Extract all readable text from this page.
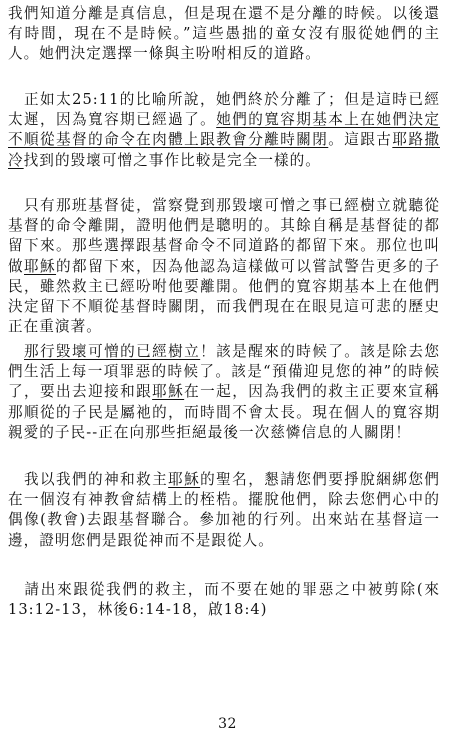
我們知道分離是真信息，但是現在還不是分離的時候。以後還有時間，現在不是時候。”這些愚拙的童女沒有服從她們的主人。她們決定選擇一條與主吩咐相反的道路。

　正如太25:11的比喻所說，她們終於分離了；但是這時已經太遲，因為寬容期已經過了。她們的寬容期基本上在她們決定不順從基督的命令在肉體上跟教會分離時關閉。這跟古耶路撒冷找到的毀壞可憎之事作比較是完全一樣的。

　只有那班基督徒，當察覺到那毀壞可憎之事已經樹立就聽從基督的命令離開，證明他們是聰明的。其餘自稱是基督徒的都留下來。那些選擇跟基督命令不同道路的都留下來。那位也叫做耶穌的都留下來，因為他認為這樣做可以嘗試警告更多的子民，雖然救主已經吩咐他要離開。他們的寬容期基本上在他們決定留下不順從基督時關閉，而我們現在在眼見這可悲的歷史正在重演著。

　那行毀壞可憎的已經樹立！該是醒來的時候了。該是除去您們生活上每一項罪惡的時候了。該是“預備迎見您的神”的時候了，要出去迎接和跟耶穌在一起，因為我們的救主正要來宣稱那順從的子民是屬祂的，而時間不會太長。現在個人的寬容期親愛的子民--正在向那些拒絕最後一次慈憐信息的人關閉！

　我以我們的神和救主耶穌的聖名，懇請您們要掙脫綑綁您們在一個沒有神教會結構上的桎梏。擺脫他們，除去您們心中的偶像(教會)去跟基督聯合。參加祂的行列。出來站在基督這一邊，證明您們是跟從神而不是跟從人。

　請出來跟從我們的救主，而不要在她的罪惡之中被剪除(來13:12-13，林後6:14-18，啟18:4)

32
